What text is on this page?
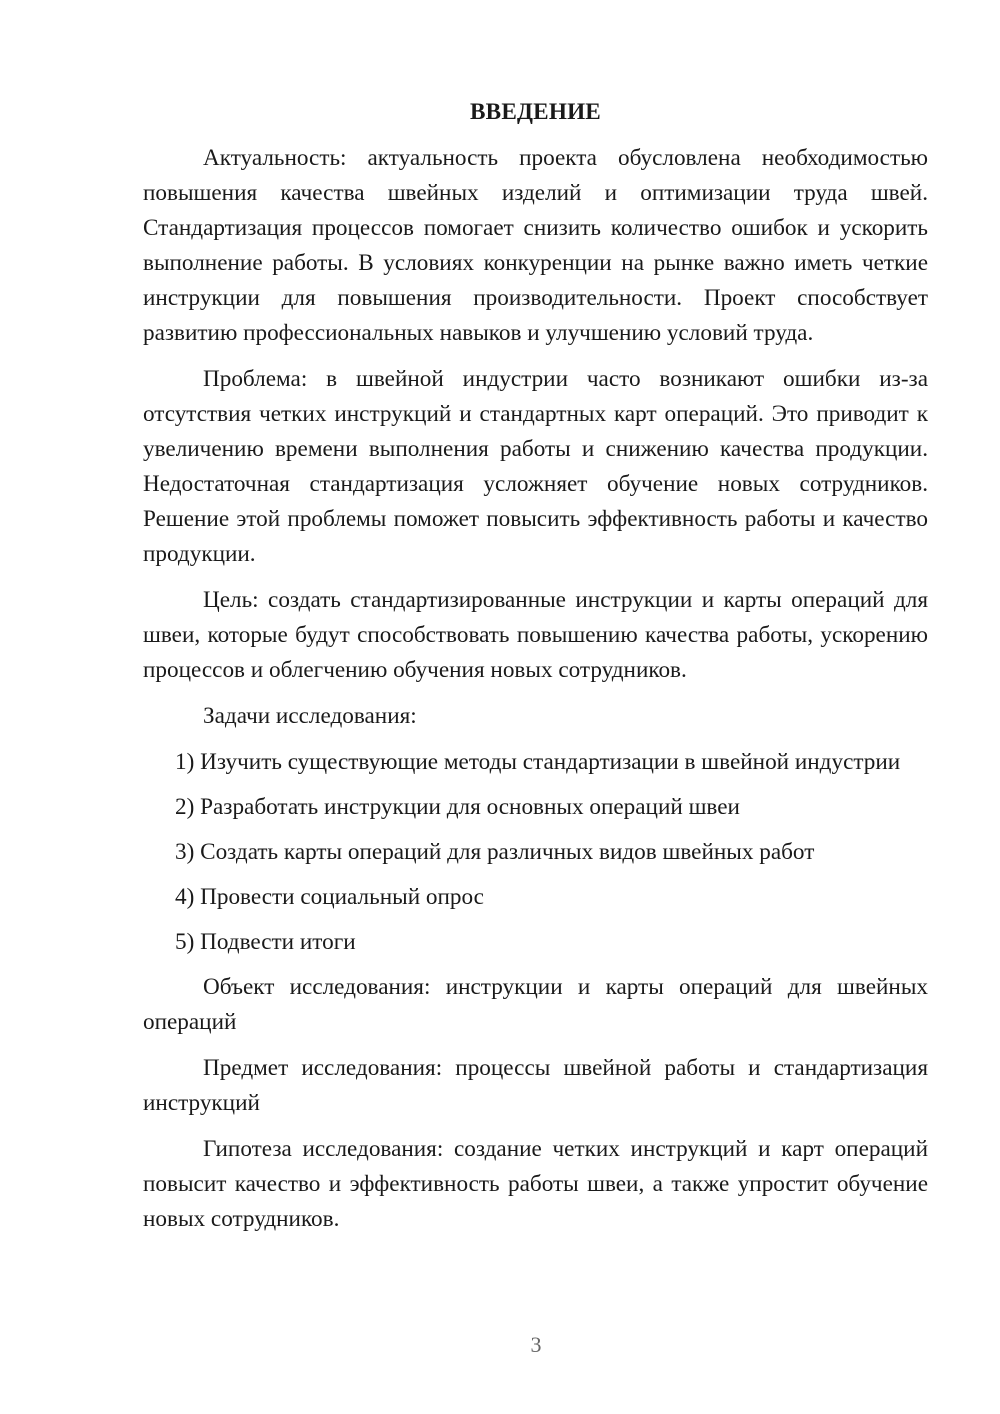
ВВЕДЕНИЕ

Актуальность: актуальность проекта обусловлена необходимостью повышения качества швейных изделий и оптимизации труда швей. Стандартизация процессов помогает снизить количество ошибок и ускорить выполнение работы. В условиях конкуренции на рынке важно иметь четкие инструкции для повышения производительности. Проект способствует развитию профессиональных навыков и улучшению условий труда.

Проблема: в швейной индустрии часто возникают ошибки из-за отсутствия четких инструкций и стандартных карт операций. Это приводит к увеличению времени выполнения работы и снижению качества продукции. Недостаточная стандартизация усложняет обучение новых сотрудников. Решение этой проблемы поможет повысить эффективность работы и качество продукции.

Цель: создать стандартизированные инструкции и карты операций для швеи, которые будут способствовать повышению качества работы, ускорению процессов и облегчению обучения новых сотрудников.

Задачи исследования:

1) Изучить существующие методы стандартизации в швейной индустрии

2) Разработать инструкции для основных операций швеи

3) Создать карты операций для различных видов швейных работ

4) Провести социальный опрос

5) Подвести итоги

Объект исследования: инструкции и карты операций для швейных операций

Предмет исследования: процессы швейной работы и стандартизация инструкций

Гипотеза исследования: создание четких инструкций и карт операций повысит качество и эффективность работы швеи, а также упростит обучение новых сотрудников.

3
